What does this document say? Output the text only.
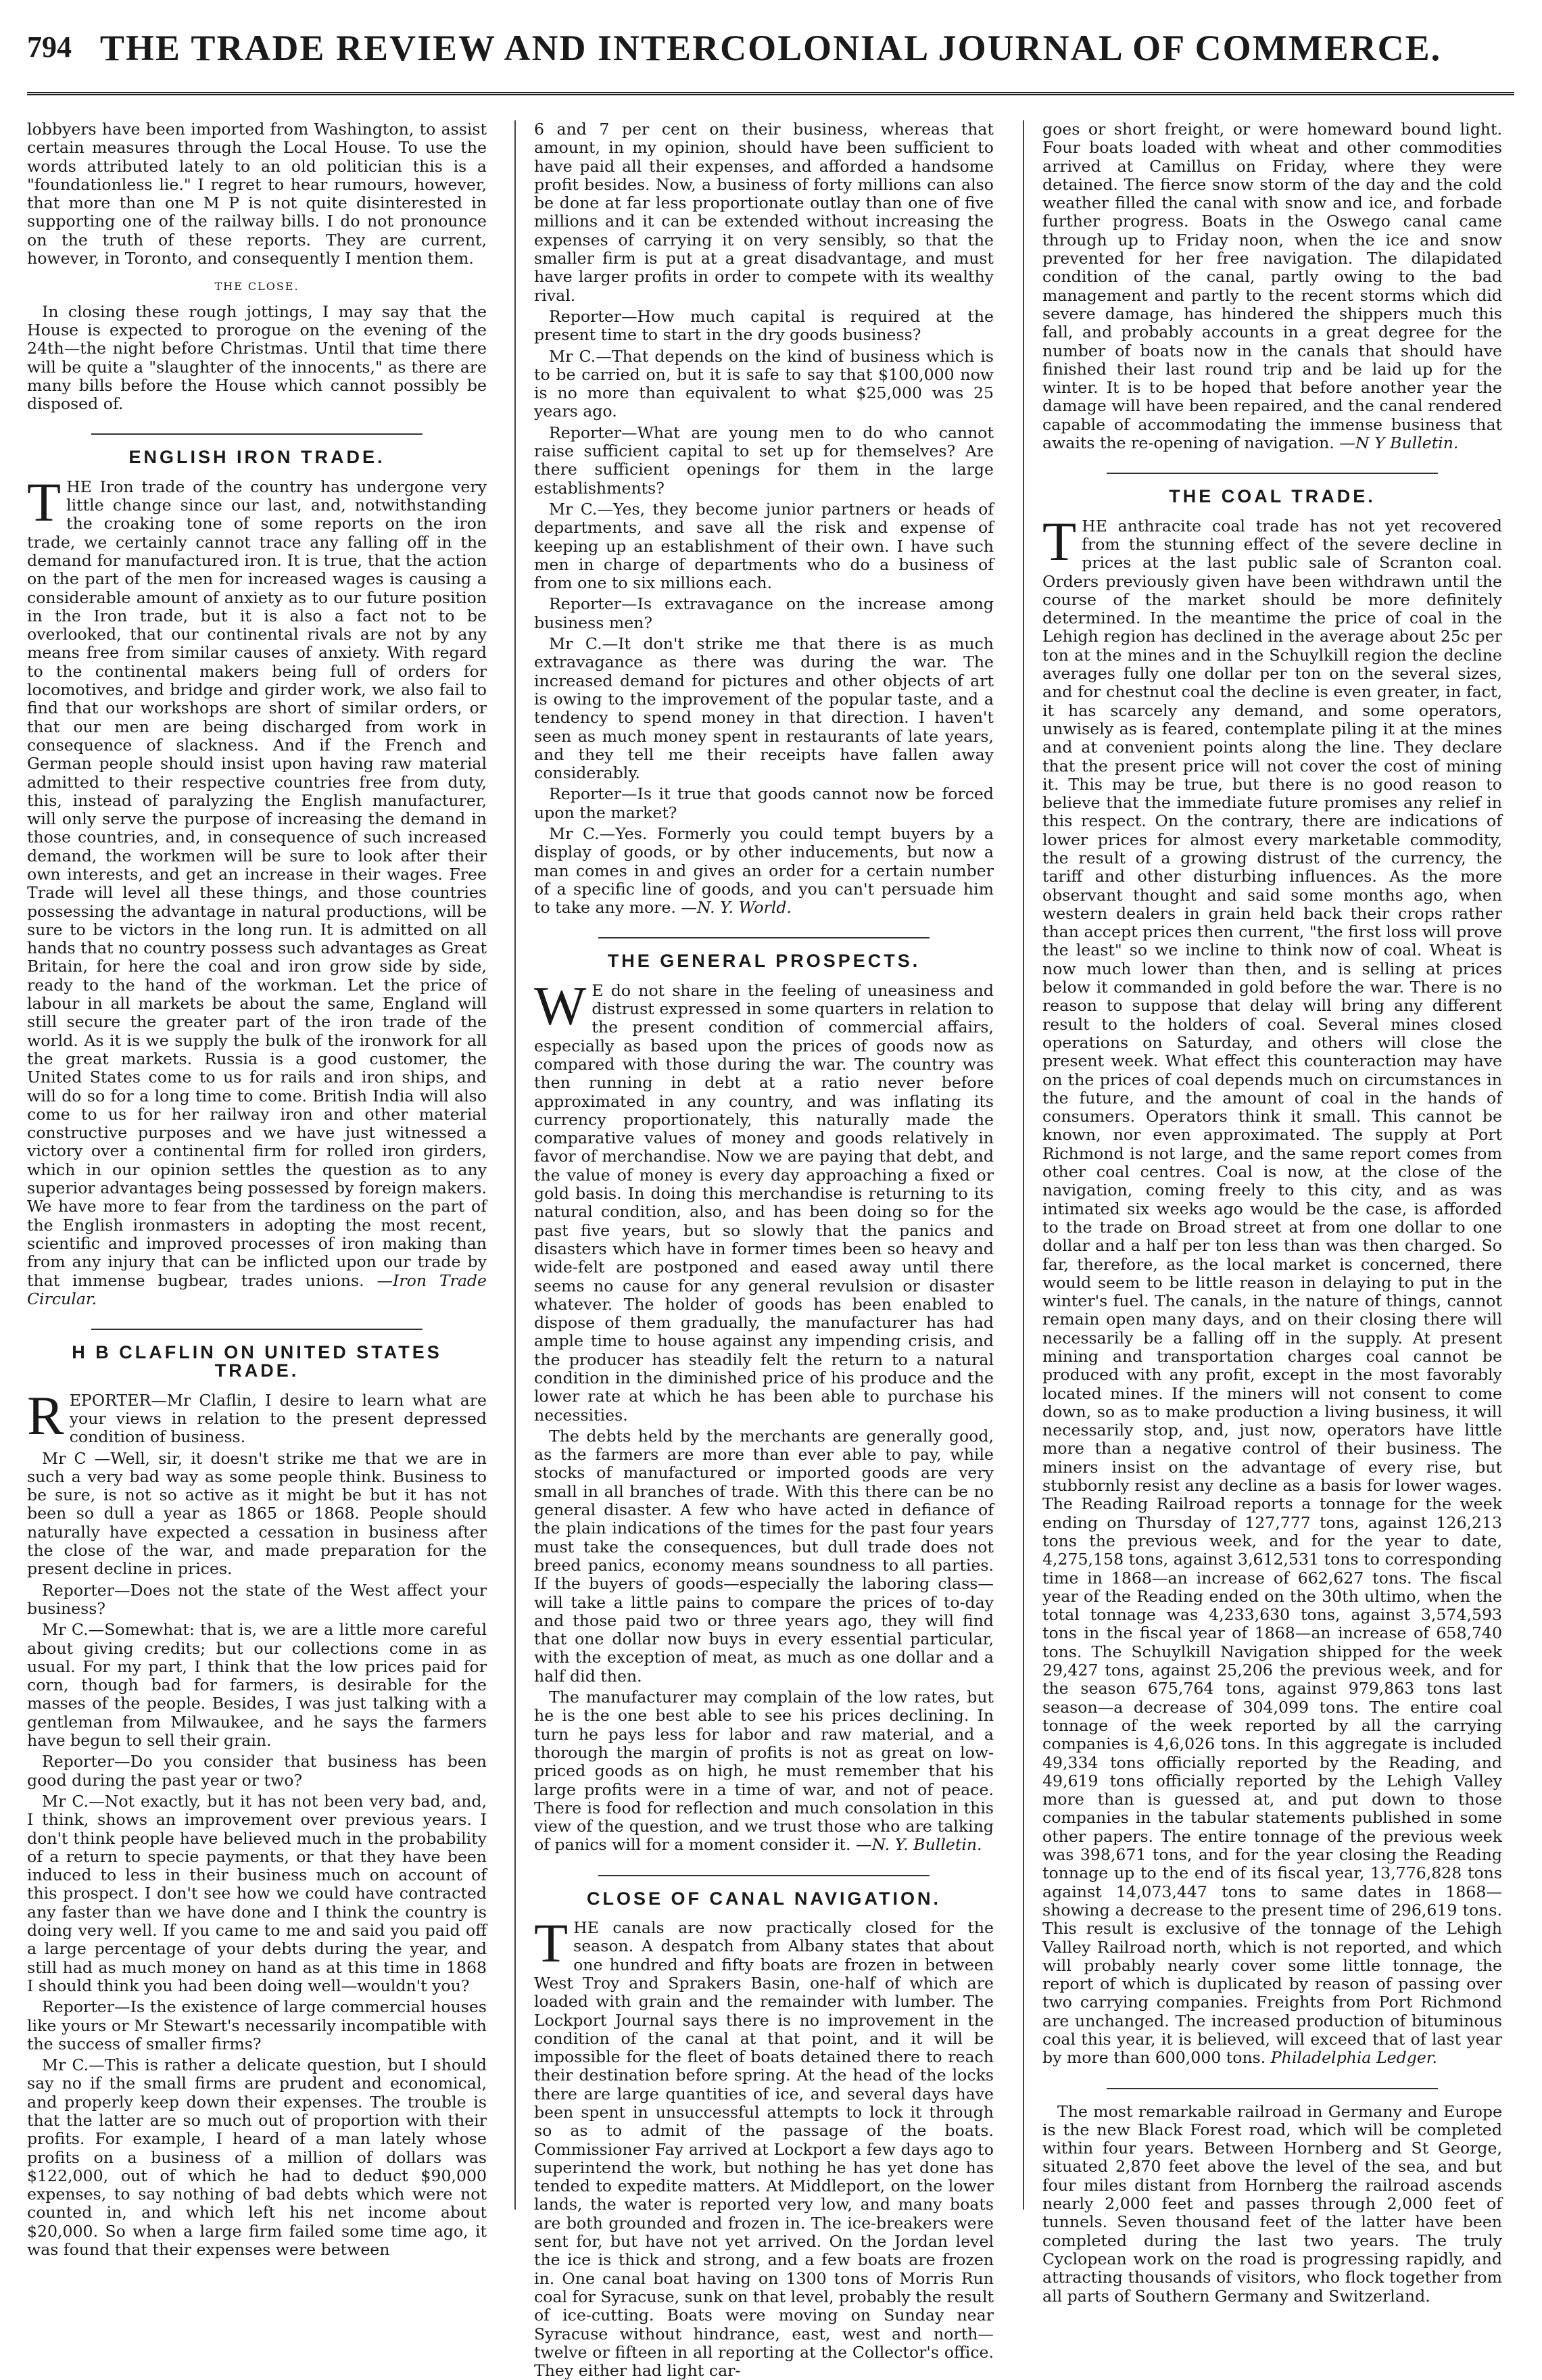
794 THE TRADE REVIEW AND INTERCOLONIAL JOURNAL OF COMMERCE.

lobbyers have been imported from Washington, to assist certain measures through the Local House. To use the words attributed lately to an old politician this is a "foundationless lie." I regret to hear rumours, however, that more than one M P is not quite disinterested in supporting one of the railway bills. I do not pronounce on the truth of these reports. They are current, however, in Toronto, and consequently I mention them.

THE CLOSE.

In closing these rough jottings, I may say that the House is expected to prorogue on the evening of the 24th—the night before Christmas. Until that time there will be quite a "slaughter of the innocents," as there are many bills before the House which cannot possibly be disposed of.

ENGLISH IRON TRADE.

THE Iron trade of the country has undergone very little change since our last, and, notwithstanding the croaking tone of some reports on the iron trade, we certainly cannot trace any falling off in the demand for manufactured iron. It is true, that the action on the part of the men for increased wages is causing a considerable amount of anxiety as to our future position in the Iron trade, but it is also a fact not to be overlooked, that our continental rivals are not by any means free from similar causes of anxiety. With regard to the continental makers being full of orders for locomotives, and bridge and girder work, we also fail to find that our workshops are short of similar orders, or that our men are being discharged from work in consequence of slackness. And if the French and German people should insist upon having raw material admitted to their respective countries free from duty, this, instead of paralyzing the English manufacturer, will only serve the purpose of increasing the demand in those countries, and, in consequence of such increased demand, the workmen will be sure to look after their own interests, and get an increase in their wages. Free Trade will level all these things, and those countries possessing the advantage in natural productions, will be sure to be victors in the long run. It is admitted on all hands that no country possess such advantages as Great Britain, for here the coal and iron grow side by side, ready to the hand of the workman. Let the price of labour in all markets be about the same, England will still secure the greater part of the iron trade of the world. As it is we supply the bulk of the ironwork for all the great markets. Russia is a good customer, the United States come to us for rails and iron ships, and will do so for a long time to come. British India will also come to us for her railway iron and other material constructive purposes and we have just witnessed a victory over a continental firm for rolled iron girders, which in our opinion settles the question as to any superior advantages being possessed by foreign makers. We have more to fear from the tardiness on the part of the English ironmasters in adopting the most recent, scientific and improved processes of iron making than from any injury that can be inflicted upon our trade by that immense bugbear, trades unions. —Iron Trade Circular.

H B CLAFLIN ON UNITED STATES TRADE.

REPORTER—Mr Claflin, I desire to learn what are your views in relation to the present depressed condition of business.

Mr C —Well, sir, it doesn't strike me that we are in such a very bad way as some people think. Business to be sure, is not so active as it might be but it has not been so dull a year as 1865 or 1868. People should naturally have expected a cessation in business after the close of the war, and made preparation for the present decline in prices.

Reporter—Does not the state of the West affect your business?

Mr C.—Somewhat: that is, we are a little more careful about giving credits; but our collections come in as usual. For my part, I think that the low prices paid for corn, though bad for farmers, is desirable for the masses of the people. Besides, I was just talking with a gentleman from Milwaukee, and he says the farmers have begun to sell their grain.

Reporter—Do you consider that business has been good during the past year or two?

Mr C.—Not exactly, but it has not been very bad, and, I think, shows an improvement over previous years. I don't think people have believed much in the probability of a return to specie payments, or that they have been induced to less in their business much on account of this prospect. I don't see how we could have contracted any faster than we have done and I think the country is doing very well. If you came to me and said you paid off a large percentage of your debts during the year, and still had as much money on hand as at this time in 1868 I should think you had been doing well—wouldn't you?

Reporter—Is the existence of large commercial houses like yours or Mr Stewart's necessarily incompatible with the success of smaller firms?

Mr C.—This is rather a delicate question, but I should say no if the small firms are prudent and economical, and properly keep down their expenses. The trouble is that the latter are so much out of proportion with their profits. For example, I heard of a man lately whose profits on a business of a million of dollars was $122,000, out of which he had to deduct $90,000 expenses, to say nothing of bad debts which were not counted in, and which left his net income about $20,000. So when a large firm failed some time ago, it was found that their expenses were between

6 and 7 per cent on their business, whereas that amount, in my opinion, should have been sufficient to have paid all their expenses, and afforded a handsome profit besides. Now, a business of forty millions can also be done at far less proportionate outlay than one of five millions and it can be extended without increasing the expenses of carrying it on very sensibly, so that the smaller firm is put at a great disadvantage, and must have larger profits in order to compete with its wealthy rival.

Reporter—How much capital is required at the present time to start in the dry goods business?

Mr C.—That depends on the kind of business which is to be carried on, but it is safe to say that $100,000 now is no more than equivalent to what $25,000 was 25 years ago.

Reporter—What are young men to do who cannot raise sufficient capital to set up for themselves? Are there sufficient openings for them in the large establishments?

Mr C.—Yes, they become junior partners or heads of departments, and save all the risk and expense of keeping up an establishment of their own. I have such men in charge of departments who do a business of from one to six millions each.

Reporter—Is extravagance on the increase among business men?

Mr C.—It don't strike me that there is as much extravagance as there was during the war. The increased demand for pictures and other objects of art is owing to the improvement of the popular taste, and a tendency to spend money in that direction. I haven't seen as much money spent in restaurants of late years, and they tell me their receipts have fallen away considerably.

Reporter—Is it true that goods cannot now be forced upon the market?

Mr C.—Yes. Formerly you could tempt buyers by a display of goods, or by other inducements, but now a man comes in and gives an order for a certain number of a specific line of goods, and you can't persuade him to take any more. —N. Y. World.

THE GENERAL PROSPECTS.

W E do not share in the feeling of uneasiness and distrust expressed in some quarters in relation to the present condition of commercial affairs, especially as based upon the prices of goods now as compared with those during the war. The country was then running in debt at a ratio never before approximated in any country, and was inflating its currency proportionately, this naturally made the comparative values of money and goods relatively in favor of merchandise. Now we are paying that debt, and the value of money is every day approaching a fixed or gold basis. In doing this merchandise is returning to its natural condition, also, and has been doing so for the past five years, but so slowly that the panics and disasters which have in former times been so heavy and wide-felt are postponed and eased away until there seems no cause for any general revulsion or disaster whatever. The holder of goods has been enabled to dispose of them gradually, the manufacturer has had ample time to house against any impending crisis, and the producer has steadily felt the return to a natural condition in the diminished price of his produce and the lower rate at which he has been able to purchase his necessities.

The debts held by the merchants are generally good, as the farmers are more than ever able to pay, while stocks of manufactured or imported goods are very small in all branches of trade. With this there can be no general disaster. A few who have acted in defiance of the plain indications of the times for the past four years must take the consequences, but dull trade does not breed panics, economy means soundness to all parties. If the buyers of goods—especially the laboring class—will take a little pains to compare the prices of to-day and those paid two or three years ago, they will find that one dollar now buys in every essential particular, with the exception of meat, as much as one dollar and a half did then.

The manufacturer may complain of the low rates, but he is the one best able to see his prices declining. In turn he pays less for labor and raw material, and a thorough the margin of profits is not as great on low-priced goods as on high, he must remember that his large profits were in a time of war, and not of peace. There is food for reflection and much consolation in this view of the question, and we trust those who are talking of panics will for a moment consider it. —N. Y. Bulletin.

CLOSE OF CANAL NAVIGATION.

THE canals are now practically closed for the season. A despatch from Albany states that about one hundred and fifty boats are frozen in between West Troy and Sprakers Basin, one-half of which are loaded with grain and the remainder with lumber. The Lockport Journal says there is no improvement in the condition of the canal at that point, and it will be impossible for the fleet of boats detained there to reach their destination before spring. At the head of the locks there are large quantities of ice, and several days have been spent in unsuccessful attempts to lock it through so as to admit of the passage of the boats. Commissioner Fay arrived at Lockport a few days ago to superintend the work, but nothing he has yet done has tended to expedite matters. At Middleport, on the lower lands, the water is reported very low, and many boats are both grounded and frozen in. The ice-breakers were sent for, but have not yet arrived. On the Jordan level the ice is thick and strong, and a few boats are frozen in. One canal boat having on 1300 tons of Morris Run coal for Syracuse, sunk on that level, probably the result of ice-cutting. Boats were moving on Sunday near Syracuse without hindrance, east, west and north—twelve or fifteen in all reporting at the Collector's office. They either had light car-

goes or short freight, or were homeward bound light. Four boats loaded with wheat and other commodities arrived at Camillus on Friday, where they were detained. The fierce snow storm of the day and the cold weather filled the canal with snow and ice, and forbade further progress. Boats in the Oswego canal came through up to Friday noon, when the ice and snow prevented for her free navigation. The dilapidated condition of the canal, partly owing to the bad management and partly to the recent storms which did severe damage, has hindered the shippers much this fall, and probably accounts in a great degree for the number of boats now in the canals that should have finished their last round trip and be laid up for the winter. It is to be hoped that before another year the damage will have been repaired, and the canal rendered capable of accommodating the immense business that awaits the re-opening of navigation. —N Y Bulletin.

THE COAL TRADE.

THE anthracite coal trade has not yet recovered from the stunning effect of the severe decline in prices at the last public sale of Scranton coal. Orders previously given have been withdrawn until the course of the market should be more definitely determined. In the meantime the price of coal in the Lehigh region has declined in the average about 25c per ton at the mines and in the Schuylkill region the decline averages fully one dollar per ton on the several sizes, and for chestnut coal the decline is even greater, in fact, it has scarcely any demand, and some operators, unwisely as is feared, contemplate piling it at the mines and at convenient points along the line. They declare that the present price will not cover the cost of mining it. This may be true, but there is no good reason to believe that the immediate future promises any relief in this respect. On the contrary, there are indications of lower prices for almost every marketable commodity, the result of a growing distrust of the currency, the tariff and other disturbing influences. As the more observant thought and said some months ago, when western dealers in grain held back their crops rather than accept prices then current, "the first loss will prove the least" so we incline to think now of coal. Wheat is now much lower than then, and is selling at prices below it commanded in gold before the war. There is no reason to suppose that delay will bring any different result to the holders of coal. Several mines closed operations on Saturday, and others will close the present week. What effect this counteraction may have on the prices of coal depends much on circumstances in the future, and the amount of coal in the hands of consumers. Operators think it small. This cannot be known, nor even approximated. The supply at Port Richmond is not large, and the same report comes from other coal centres. Coal is now, at the close of the navigation, coming freely to this city, and as was intimated six weeks ago would be the case, is afforded to the trade on Broad street at from one dollar to one dollar and a half per ton less than was then charged. So far, therefore, as the local market is concerned, there would seem to be little reason in delaying to put in the winter's fuel. The canals, in the nature of things, cannot remain open many days, and on their closing there will necessarily be a falling off in the supply. At present mining and transportation charges coal cannot be produced with any profit, except in the most favorably located mines. If the miners will not consent to come down, so as to make production a living business, it will necessarily stop, and, just now, operators have little more than a negative control of their business. The miners insist on the advantage of every rise, but stubbornly resist any decline as a basis for lower wages. The Reading Railroad reports a tonnage for the week ending on Thursday of 127,777 tons, against 126,213 tons the previous week, and for the year to date, 4,275,158 tons, against 3,612,531 tons to corresponding time in 1868—an increase of 662,627 tons. The fiscal year of the Reading ended on the 30th ultimo, when the total tonnage was 4,233,630 tons, against 3,574,593 tons in the fiscal year of 1868—an increase of 658,740 tons. The Schuylkill Navigation shipped for the week 29,427 tons, against 25,206 the previous week, and for the season 675,764 tons, against 979,863 tons last season—a decrease of 304,099 tons. The entire coal tonnage of the week reported by all the carrying companies is 4,6,026 tons. In this aggregate is included 49,334 tons officially reported by the Reading, and 49,619 tons officially reported by the Lehigh Valley more than is guessed at, and put down to those companies in the tabular statements published in some other papers. The entire tonnage of the previous week was 398,671 tons, and for the year closing the Reading tonnage up to the end of its fiscal year, 13,776,828 tons against 14,073,447 tons to same dates in 1868—showing a decrease to the present time of 296,619 tons. This result is exclusive of the tonnage of the Lehigh Valley Railroad north, which is not reported, and which will probably nearly cover some little tonnage, the report of which is duplicated by reason of passing over two carrying companies. Freights from Port Richmond are unchanged. The increased production of bituminous coal this year, it is believed, will exceed that of last year by more than 600,000 tons. Philadelphia Ledger.

The most remarkable railroad in Germany and Europe is the new Black Forest road, which will be completed within four years. Between Hornberg and St George, situated 2,870 feet above the level of the sea, and but four miles distant from Hornberg the railroad ascends nearly 2,000 feet and passes through 2,000 feet of tunnels. Seven thousand feet of the latter have been completed during the last two years. The truly Cyclopean work on the road is progressing rapidly, and attracting thousands of visitors, who flock together from all parts of Southern Germany and Switzerland.
